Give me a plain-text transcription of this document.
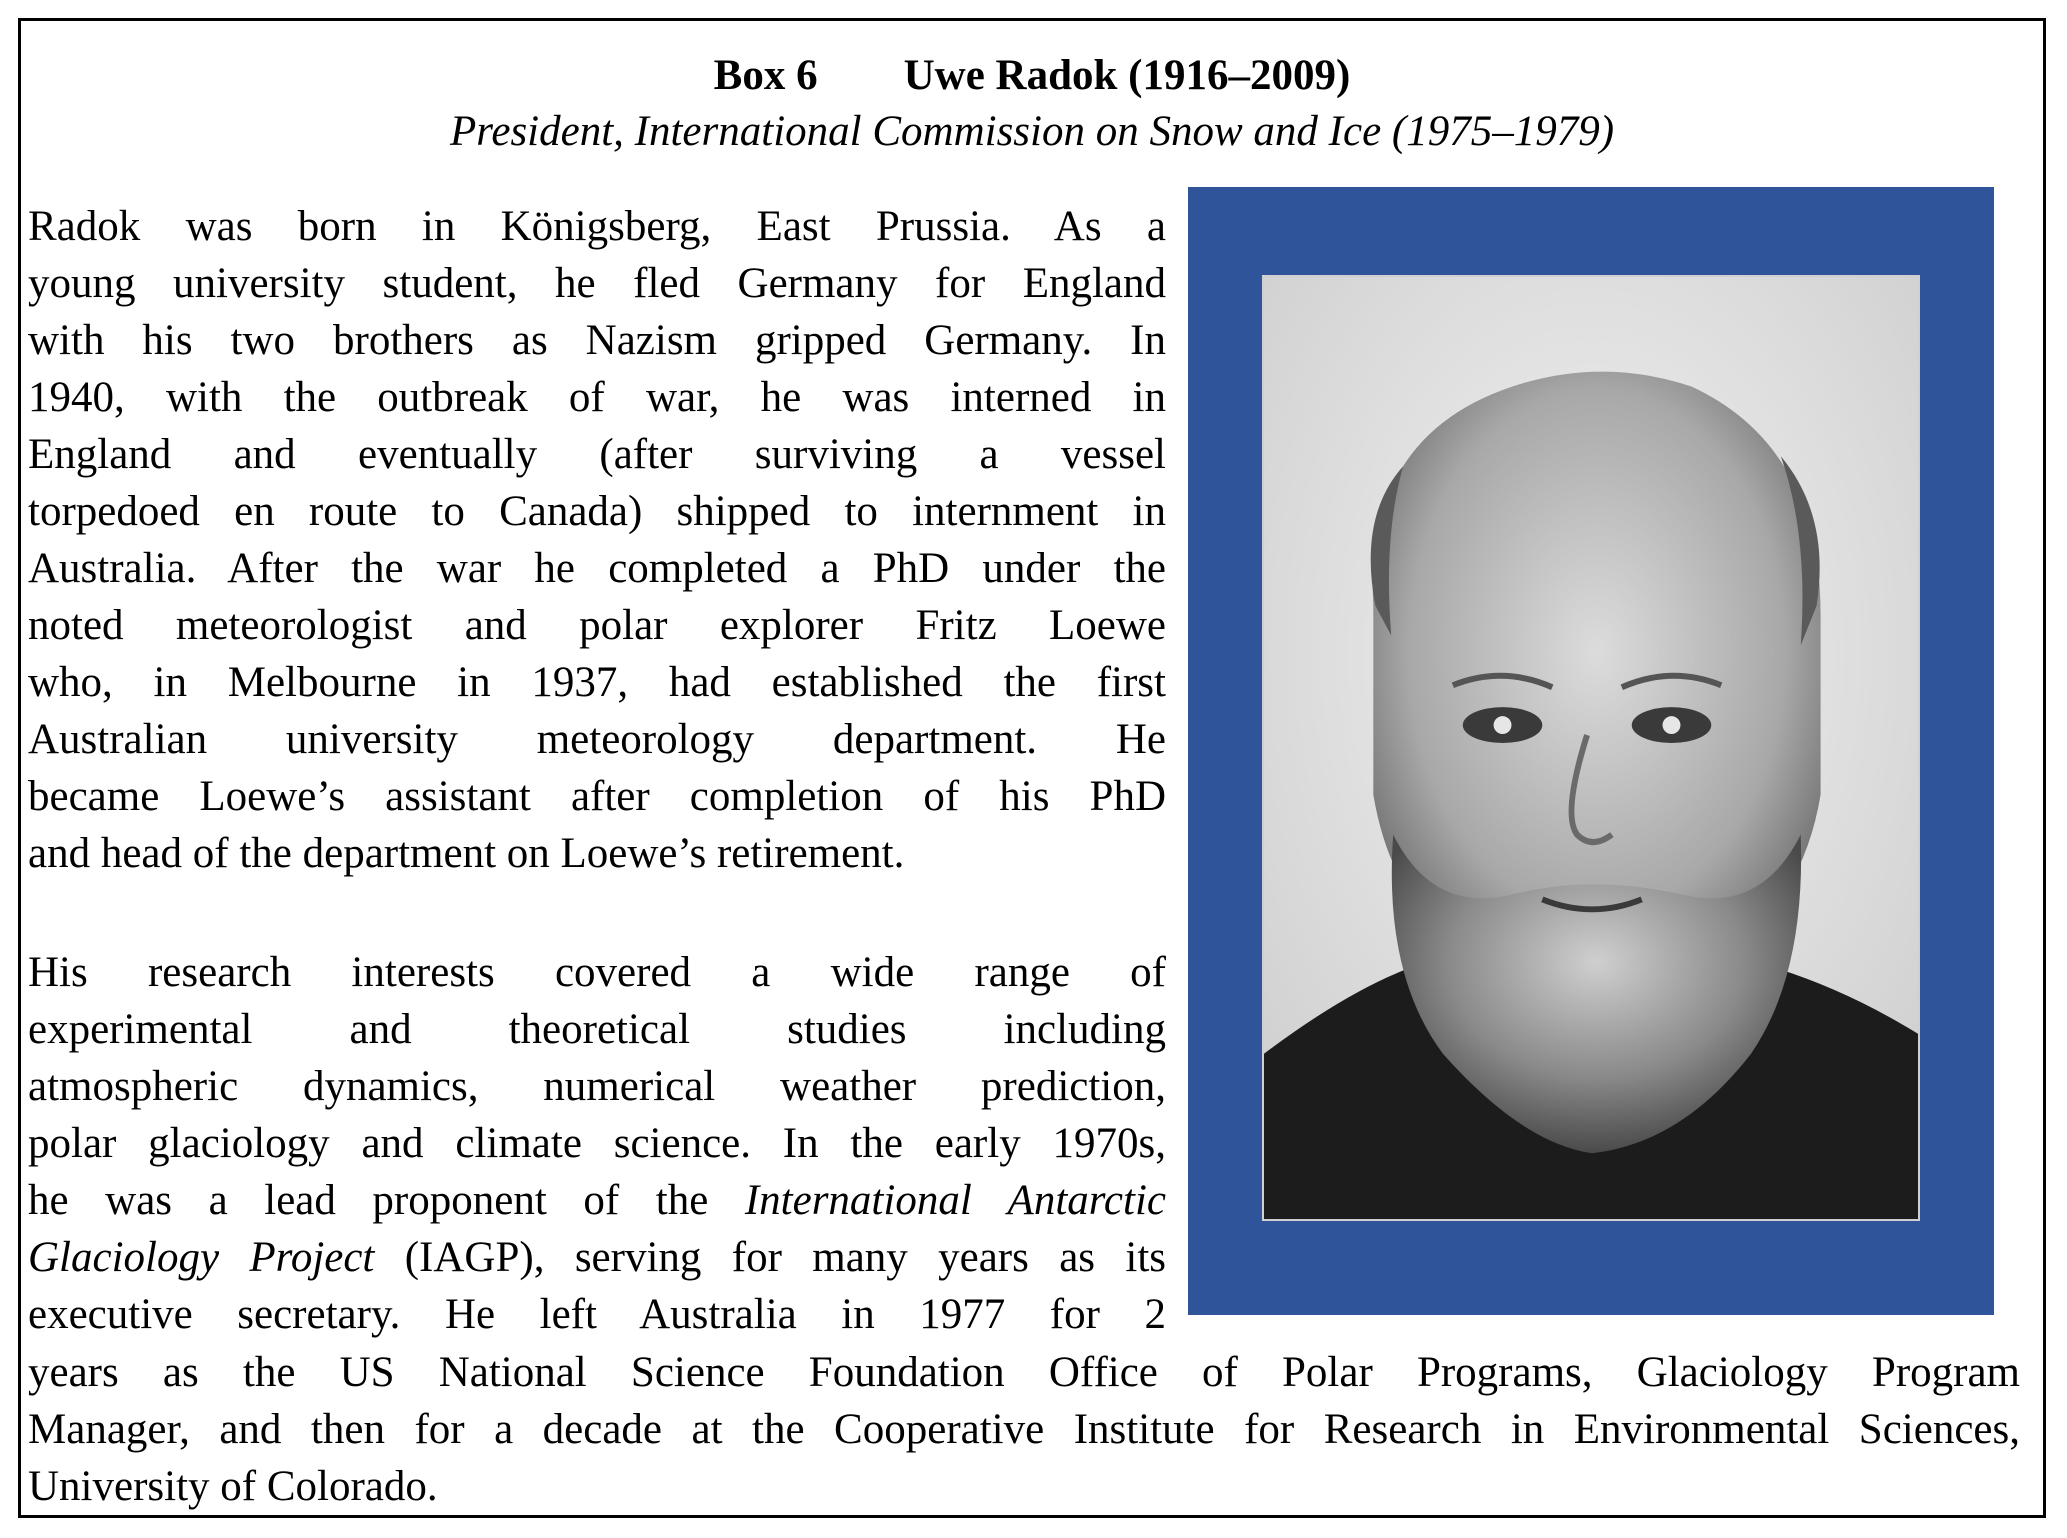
Box 6 Uwe Radok (1916–2009)
President, International Commission on Snow and Ice (1975–1979)
Radok was born in Königsberg, East Prussia. As a
young university student, he fled Germany for England
with his two brothers as Nazism gripped Germany. In
1940, with the outbreak of war, he was interned in
England and eventually (after surviving a vessel
torpedoed en route to Canada) shipped to internment in
Australia. After the war he completed a PhD under the
noted meteorologist and polar explorer Fritz Loewe
who, in Melbourne in 1937, had established the first
Australian university meteorology department. He
became Loewe’s assistant after completion of his PhD
and head of the department on Loewe’s retirement.
His research interests covered a wide range of
experimental and theoretical studies including
atmospheric dynamics, numerical weather prediction,
polar glaciology and climate science. In the early 1970s,
he was a lead proponent of the International Antarctic
Glaciology Project (IAGP), serving for many years as its
executive secretary. He left Australia in 1977 for 2
years as the US National Science Foundation Office of Polar Programs, Glaciology Program
Manager, and then for a decade at the Cooperative Institute for Research in Environmental Sciences,
University of Colorado.
